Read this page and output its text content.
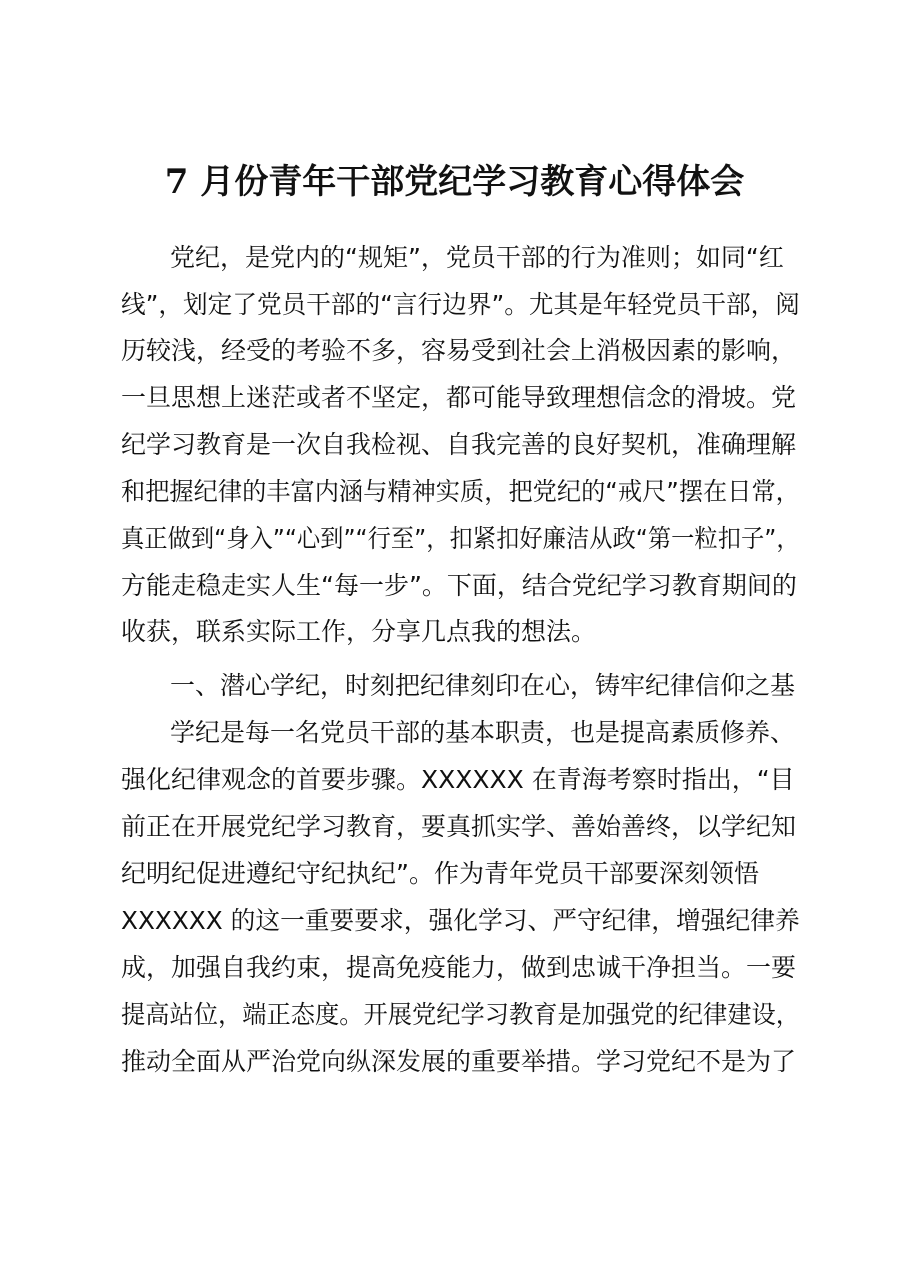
7 月份青年干部党纪学习教育心得体会

党纪，是党内的“规矩”，党员干部的行为准则；如同“红

线”，划定了党员干部的“言行边界”。尤其是年轻党员干部，阅

历较浅，经受的考验不多，容易受到社会上消极因素的影响，

一旦思想上迷茫或者不坚定，都可能导致理想信念的滑坡。党

纪学习教育是一次自我检视、自我完善的良好契机，准确理解

和把握纪律的丰富内涵与精神实质，把党纪的“戒尺”摆在日常，

真正做到“身入”“心到”“行至”，扣紧扣好廉洁从政“第一粒扣子”，

方能走稳走实人生“每一步”。下面，结合党纪学习教育期间的

收获，联系实际工作，分享几点我的想法。

一、潜心学纪，时刻把纪律刻印在心，铸牢纪律信仰之基

学纪是每一名党员干部的基本职责，也是提高素质修养、

强化纪律观念的首要步骤。XXXXXX 在青海考察时指出，“目

前正在开展党纪学习教育，要真抓实学、善始善终，以学纪知

纪明纪促进遵纪守纪执纪”。作为青年党员干部要深刻领悟

XXXXXX 的这一重要要求，强化学习、严守纪律，增强纪律养

成，加强自我约束，提高免疫能力，做到忠诚干净担当。一要

提高站位，端正态度。开展党纪学习教育是加强党的纪律建设，

推动全面从严治党向纵深发展的重要举措。学习党纪不是为了
